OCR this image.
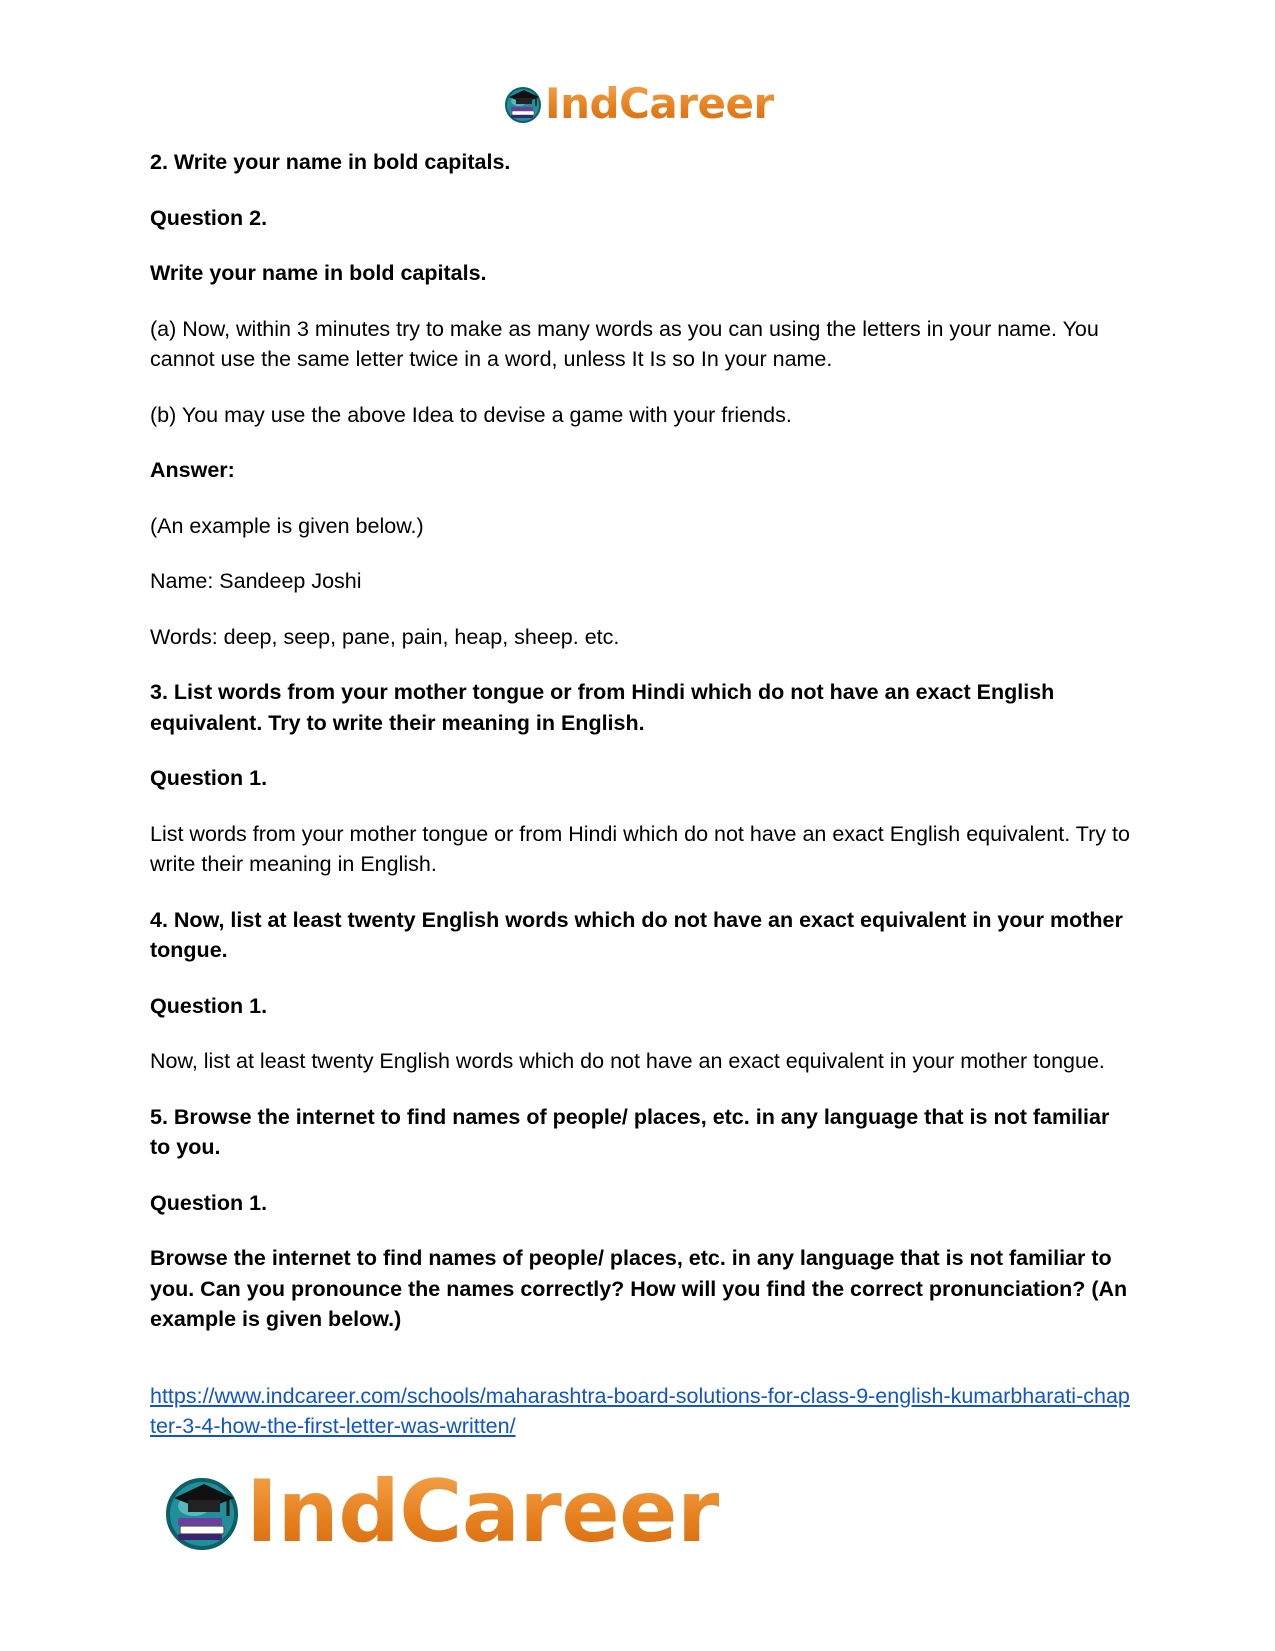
IndCareer
2. Write your name in bold capitals.
Question 2.
Write your name in bold capitals.
(a) Now, within 3 minutes try to make as many words as you can using the letters in your name. You cannot use the same letter twice in a word, unless It Is so In your name.
(b) You may use the above Idea to devise a game with your friends.
Answer:
(An example is given below.)
Name: Sandeep Joshi
Words: deep, seep, pane, pain, heap, sheep. etc.
3. List words from your mother tongue or from Hindi which do not have an exact English equivalent. Try to write their meaning in English.
Question 1.
List words from your mother tongue or from Hindi which do not have an exact English equivalent. Try to write their meaning in English.
4. Now, list at least twenty English words which do not have an exact equivalent in your mother tongue.
Question 1.
Now, list at least twenty English words which do not have an exact equivalent in your mother tongue.
5. Browse the internet to find names of people/ places, etc. in any language that is not familiar to you.
Question 1.
Browse the internet to find names of people/ places, etc. in any language that is not familiar to you. Can you pronounce the names correctly? How will you find the correct pronunciation? (An example is given below.)
https://www.indcareer.com/schools/maharashtra-board-solutions-for-class-9-english-kumarbharati-chapter-3-4-how-the-first-letter-was-written/
IndCareer
